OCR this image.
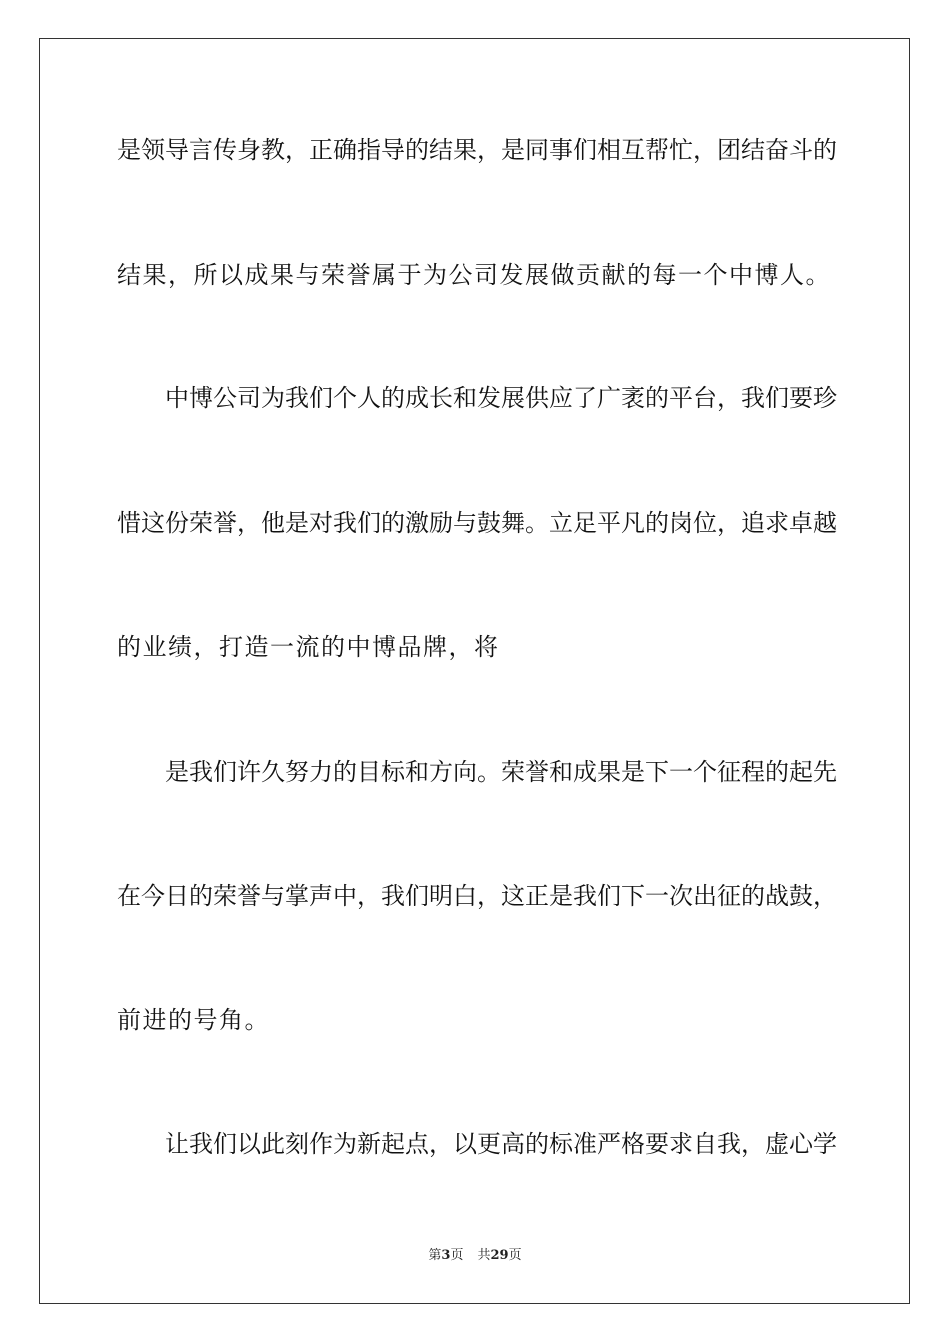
是领导言传身教，正确指导的结果，是同事们相互帮忙，团结奋斗的
结果，所以成果与荣誉属于为公司发展做贡献的每一个中博人。
中博公司为我们个人的成长和发展供应了广袤的平台，我们要珍
惜这份荣誉，他是对我们的激励与鼓舞。立足平凡的岗位，追求卓越
的业绩，打造一流的中博品牌，将
是我们许久努力的目标和方向。荣誉和成果是下一个征程的起先
在今日的荣誉与掌声中，我们明白，这正是我们下一次出征的战鼓，
前进的号角。
让我们以此刻作为新起点，以更高的标准严格要求自我，虚心学
第3页 共29页
